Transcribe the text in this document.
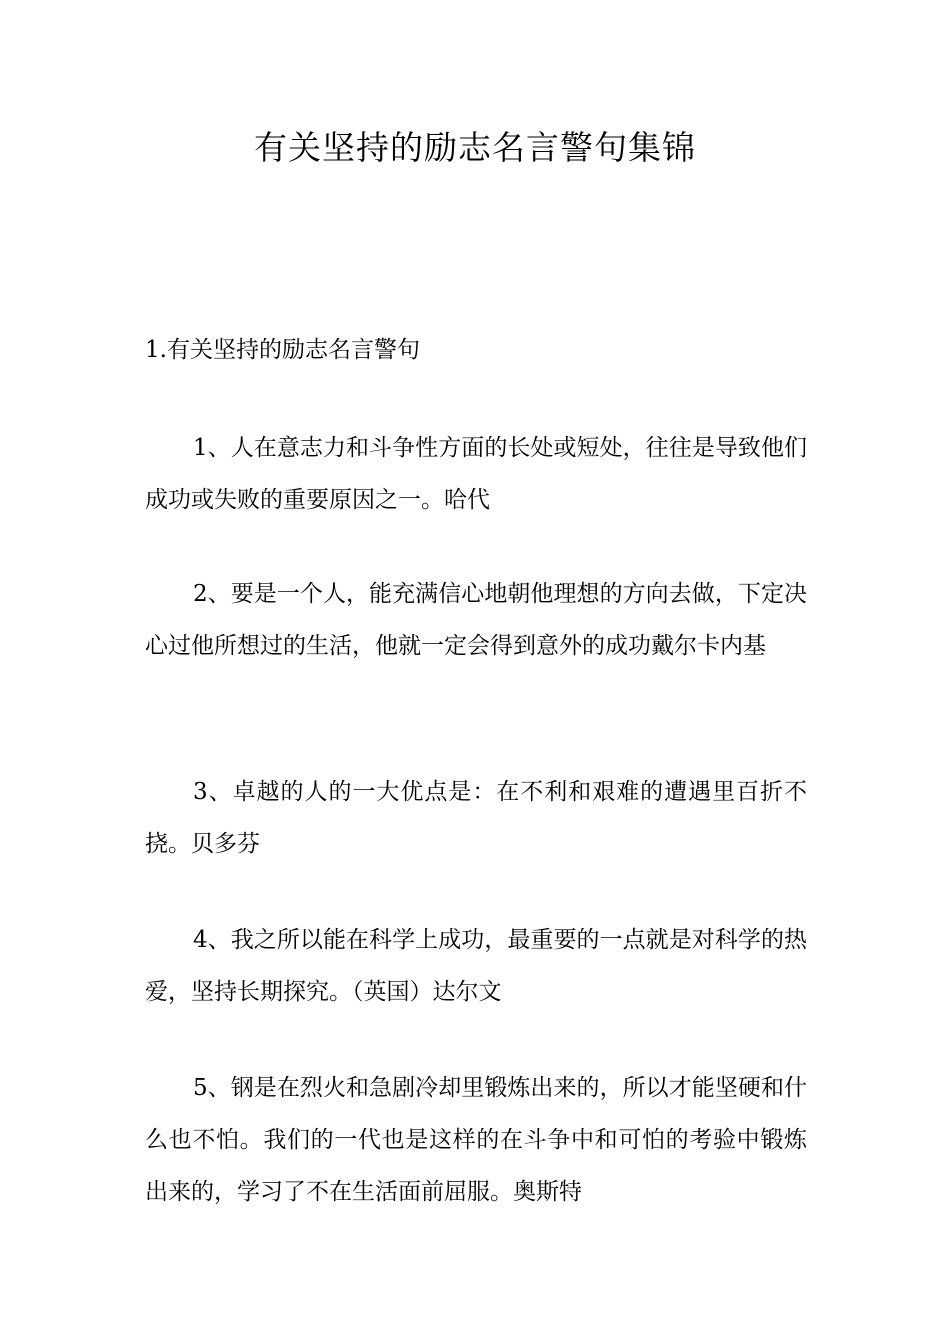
有关坚持的励志名言警句集锦
1.有关坚持的励志名言警句
1、人在意志力和斗争性方面的长处或短处，往往是导致他们成功或失败的重要原因之一。哈代
2、要是一个人，能充满信心地朝他理想的方向去做，下定决心过他所想过的生活，他就一定会得到意外的成功戴尔卡内基
3、卓越的人的一大优点是：在不利和艰难的遭遇里百折不挠。贝多芬
4、我之所以能在科学上成功，最重要的一点就是对科学的热爱，坚持长期探究。（英国）达尔文
5、钢是在烈火和急剧冷却里锻炼出来的，所以才能坚硬和什么也不怕。我们的一代也是这样的在斗争中和可怕的考验中锻炼出来的，学习了不在生活面前屈服。奥斯特
